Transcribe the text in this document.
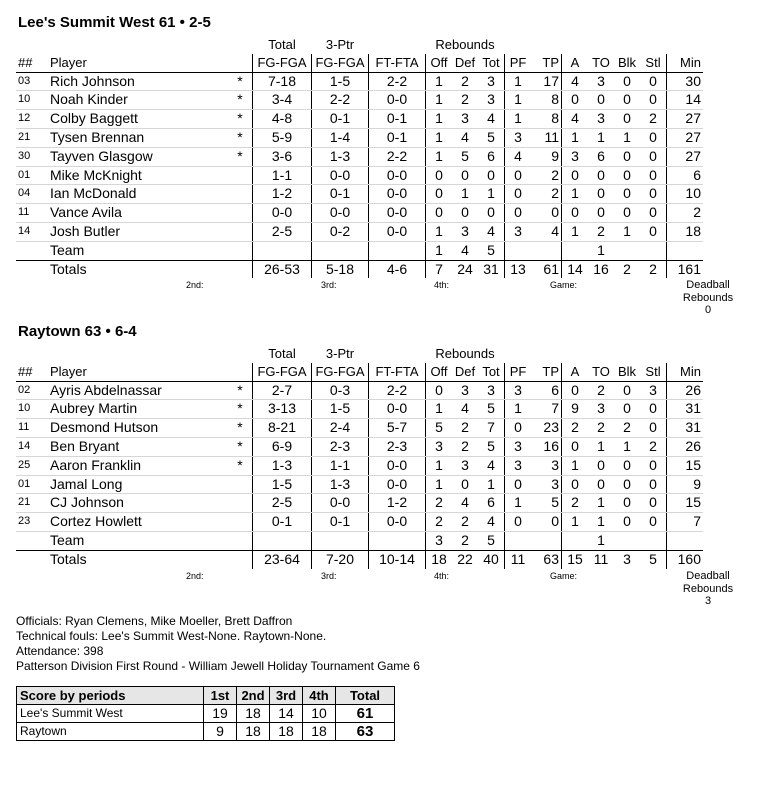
Lee's Summit West 61 • 2-5
			Total	3-Ptr		Rebounds									
##	Player		FG-FGA	FG-FGA	FT-FTA	Off	Def	Tot	PF	TP	A	TO	Blk	Stl	Min
03	Rich Johnson	*	7-18	1-5	2-2	1	2	3	1	17	4	3	0	0	30
10	Noah Kinder	*	3-4	2-2	0-0	1	2	3	1	8	0	0	0	0	14
12	Colby Baggett	*	4-8	0-1	0-1	1	3	4	1	8	4	3	0	2	27
21	Tysen Brennan	*	5-9	1-4	0-1	1	4	5	3	11	1	1	1	0	27
30	Tayven Glasgow	*	3-6	1-3	2-2	1	5	6	4	9	3	6	0	0	27
01	Mike McKnight		1-1	0-0	0-0	0	0	0	0	2	0	0	0	0	6
04	Ian McDonald		1-2	0-1	0-0	0	1	1	0	2	1	0	0	0	10
11	Vance Avila		0-0	0-0	0-0	0	0	0	0	0	0	0	0	0	2
14	Josh Butler		2-5	0-2	0-0	1	3	4	3	4	1	2	1	0	18
	Team					1	4	5				1			
	Totals		26-53	5-18	4-6	7	24	31	13	61	14	16	2	2	161
2nd:	3rd:	4th:	Game:	Deadball
Rebounds
0
Raytown 63 • 6-4
			Total	3-Ptr		Rebounds									
##	Player		FG-FGA	FG-FGA	FT-FTA	Off	Def	Tot	PF	TP	A	TO	Blk	Stl	Min
02	Ayris Abdelnassar	*	2-7	0-3	2-2	0	3	3	3	6	0	2	0	3	26
10	Aubrey Martin	*	3-13	1-5	0-0	1	4	5	1	7	9	3	0	0	31
11	Desmond Hutson	*	8-21	2-4	5-7	5	2	7	0	23	2	2	2	0	31
14	Ben Bryant	*	6-9	2-3	2-3	3	2	5	3	16	0	1	1	2	26
25	Aaron Franklin	*	1-3	1-1	0-0	1	3	4	3	3	1	0	0	0	15
01	Jamal Long		1-5	1-3	0-0	1	0	1	0	3	0	0	0	0	9
21	CJ Johnson		2-5	0-0	1-2	2	4	6	1	5	2	1	0	0	15
23	Cortez Howlett		0-1	0-1	0-0	2	2	4	0	0	1	1	0	0	7
	Team					3	2	5				1			
	Totals		23-64	7-20	10-14	18	22	40	11	63	15	11	3	5	160
2nd:	3rd:	4th:	Game:	Deadball
Rebounds
3
Officials: Ryan Clemens, Mike Moeller, Brett Daffron
Technical fouls: Lee's Summit West-None. Raytown-None.
Attendance: 398
Patterson Division First Round - William Jewell Holiday Tournament Game 6
Score by periods	1st	2nd	3rd	4th	Total
Lee's Summit West	19	18	14	10	61
Raytown	9	18	18	18	63
